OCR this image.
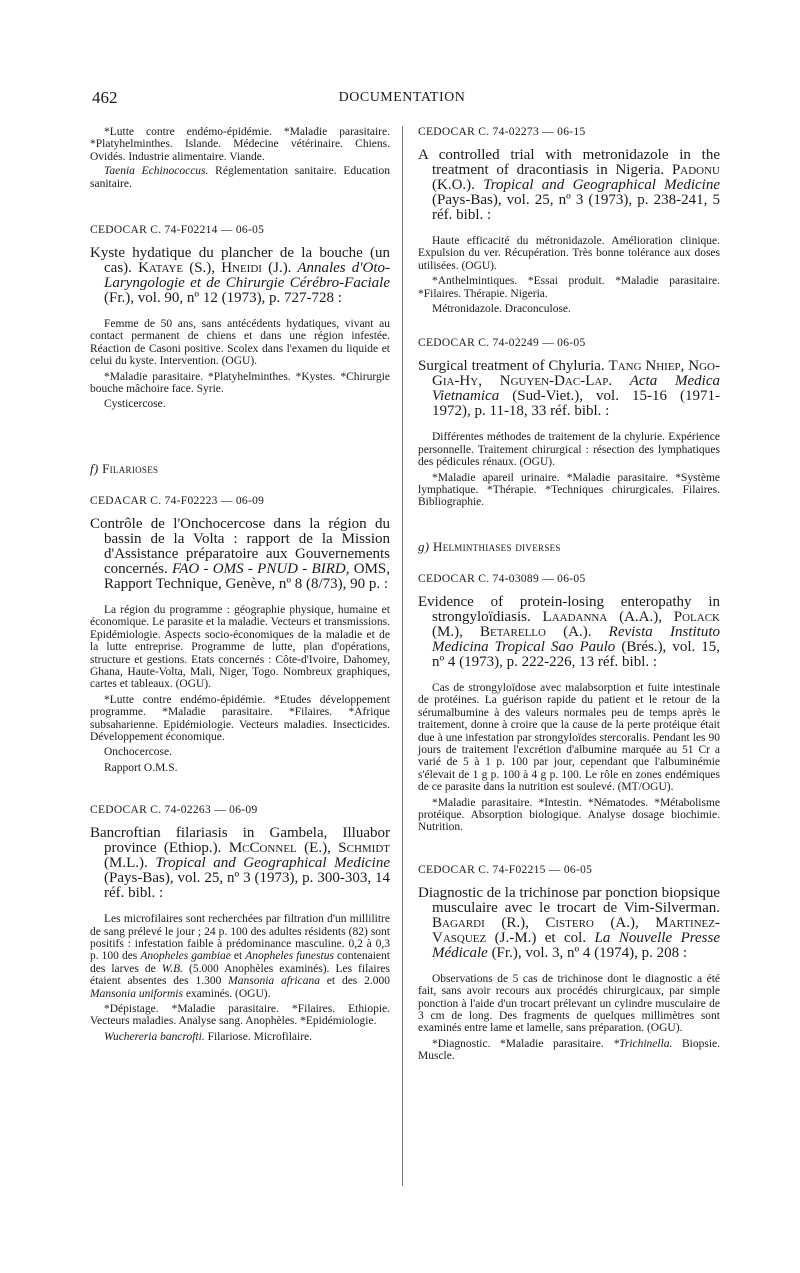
462	DOCUMENTATION

*Lutte contre endémo-épidémie. *Maladie parasitaire. *Platyhelminthes. Islande. Médecine vétérinaire. Chiens. Ovidés. Industrie alimentaire. Viande.

Taenia Echinococcus. Réglementation sanitaire. Education sanitaire.

CEDOCAR C. 74-F02214 — 06-05

Kyste hydatique du plancher de la bouche (un cas). Kataye (S.), Hneidi (J.). Annales d'Oto-Laryngologie et de Chirurgie Cérébro-Faciale (Fr.), vol. 90, nº 12 (1973), p. 727-728 :

Femme de 50 ans, sans antécédents hydatiques, vivant au contact permanent de chiens et dans une région infestée. Réaction de Casoni positive. Scolex dans l'examen du liquide et celui du kyste. Intervention. (OGU).

*Maladie parasitaire. *Platyhelminthes. *Kystes. *Chirurgie bouche mâchoire face. Syrie.

Cysticercose.

f) Filarioses

CEDACAR C. 74-F02223 — 06-09

Contrôle de l'Onchocercose dans la région du bassin de la Volta : rapport de la Mission d'Assistance préparatoire aux Gouvernements concernés. FAO - OMS - PNUD - BIRD, OMS, Rapport Technique, Genève, nº 8 (8/73), 90 p. :

La région du programme : géographie physique, humaine et économique. Le parasite et la maladie. Vecteurs et transmissions. Epidémiologie. Aspects socio-économiques de la maladie et de la lutte entreprise. Programme de lutte, plan d'opérations, structure et gestions. Etats concernés : Côte-d'Ivoire, Dahomey, Ghana, Haute-Volta, Mali, Niger, Togo. Nombreux graphiques, cartes et tableaux. (OGU).

*Lutte contre endémo-épidémie. *Etudes développement programme. *Maladie parasitaire. *Filaires. *Afrique subsaharienne. Epidémiologie. Vecteurs maladies. Insecticides. Développement économique.

Onchocercose.

Rapport O.M.S.

CEDOCAR C. 74-02263 — 06-09

Bancroftian filariasis in Gambela, Illuabor province (Ethiop.). McConnel (E.), Schmidt (M.L.). Tropical and Geographical Medicine (Pays-Bas), vol. 25, nº 3 (1973), p. 300-303, 14 réf. bibl. :

Les microfilaires sont recherchées par filtration d'un millilitre de sang prélevé le jour ; 24 p. 100 des adultes résidents (82) sont positifs : infestation faible à prédominance masculine. 0,2 à 0,3 p. 100 des Anopheles gambiae et Anopheles funestus contenaient des larves de W.B. (5.000 Anophèles examinés). Les filaires étaient absentes des 1.300 Mansonia africana et des 2.000 Mansonia uniformis examinés. (OGU).

*Dépistage. *Maladie parasitaire. *Filaires. Ethiopie. Vecteurs maladies. Analyse sang. Anophèles. *Epidémiologie.

Wuchereria bancrofti. Filariose. Microfilaire.

CEDOCAR C. 74-02273 — 06-15

A controlled trial with metronidazole in the treatment of dracontiasis in Nigeria. Padonu (K.O.). Tropical and Geographical Medicine (Pays-Bas), vol. 25, nº 3 (1973), p. 238-241, 5 réf. bibl. :

Haute efficacité du métronidazole. Amélioration clinique. Expulsion du ver. Récupération. Très bonne tolérance aux doses utilisées. (OGU).

*Anthelmintiques. *Essai produit. *Maladie parasitaire. *Filaires. Thérapie. Nigeria.

Métronidazole. Draconculose.

CEDOCAR C. 74-02249 — 06-05

Surgical treatment of Chyluria. Tang Nhiep, Ngo-Gia-Hy, Nguyen-Dac-Lap. Acta Medica Vietnamica (Sud-Viet.), vol. 15-16 (1971-1972), p. 11-18, 33 réf. bibl. :

Différentes méthodes de traitement de la chylurie. Expérience personnelle. Traitement chirurgical : résection des lymphatiques des pédicules rénaux. (OGU).

*Maladie apareil urinaire. *Maladie parasitaire. *Système lymphatique. *Thérapie. *Techniques chirurgicales. Filaires. Bibliographie.

g) Helminthiases diverses

CEDOCAR C. 74-03089 — 06-05

Evidence of protein-losing enteropathy in strongyloïdiasis. Laadanna (A.A.), Polack (M.), Betarello (A.). Revista Instituto Medicina Tropical Sao Paulo (Brés.), vol. 15, nº 4 (1973), p. 222-226, 13 réf. bibl. :

Cas de strongyloïdose avec malabsorption et fuite intestinale de protéines. La guérison rapide du patient et le retour de la sérumalbumine à des valeurs normales peu de temps après le traitement, donne à croire que la cause de la perte protéique était due à une infestation par strongyloïdes stercoralis. Pendant les 90 jours de traitement l'excrétion d'albumine marquée au 51 Cr a varié de 5 à 1 p. 100 par jour, cependant que l'albuminémie s'élevait de 1 g p. 100 à 4 g p. 100. Le rôle en zones endémiques de ce parasite dans la nutrition est soulevé. (MT/OGU).

*Maladie parasitaire. *Intestin. *Nématodes. *Métabolisme protéique. Absorption biologique. Analyse dosage biochimie. Nutrition.

CEDOCAR C. 74-F02215 — 06-05

Diagnostic de la trichinose par ponction biopsique musculaire avec le trocart de Vim-Silverman. Bagardi (R.), Cistero (A.), Martinez-Vasquez (J.-M.) et col. La Nouvelle Presse Médicale (Fr.), vol. 3, nº 4 (1974), p. 208 :

Observations de 5 cas de trichinose dont le diagnostic a été fait, sans avoir recours aux procédés chirurgicaux, par simple ponction à l'aide d'un trocart prélevant un cylindre musculaire de 3 cm de long. Des fragments de quelques millimètres sont examinés entre lame et lamelle, sans préparation. (OGU).

*Diagnostic. *Maladie parasitaire. *Trichinella. Biopsie. Muscle.
